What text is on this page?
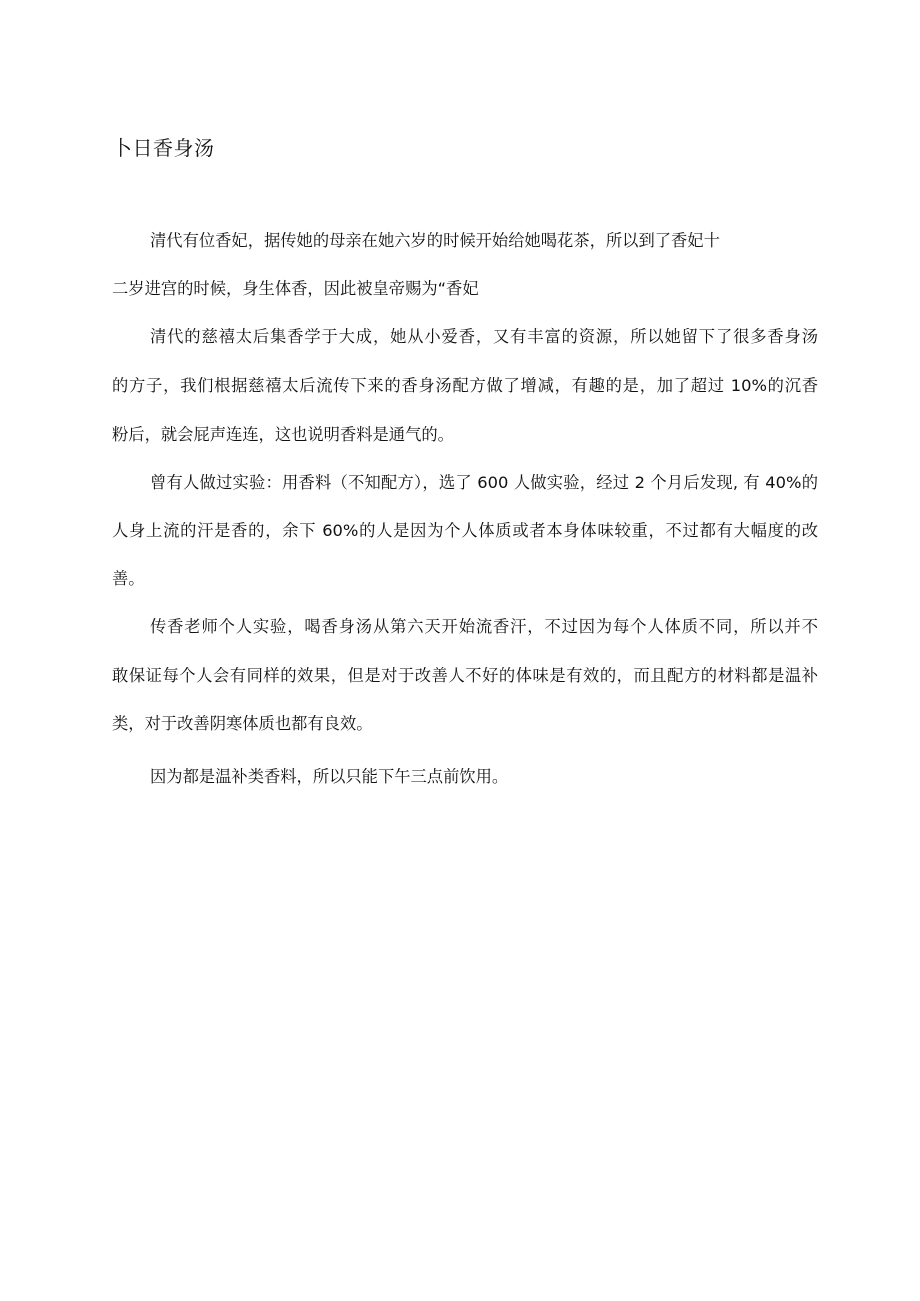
卜日香身汤
清代有位香妃，据传她的母亲在她六岁的时候开始给她喝花茶，所以到了香妃十
二岁进宫的时候，身生体香，因此被皇帝赐为“香妃
清代的慈禧太后集香学于大成，她从小爱香，又有丰富的资源，所以她留下了很多香身汤
的方子，我们根据慈禧太后流传下来的香身汤配方做了增减，有趣的是，加了超过 10%的沉香
粉后，就会屁声连连，这也说明香料是通气的。
曾有人做过实验：用香料（不知配方），选了 600 人做实验，经过 2 个月后发现, 有 40%的
人身上流的汗是香的，余下 60%的人是因为个人体质或者本身体味较重，不过都有大幅度的改
善。
传香老师个人实验，喝香身汤从第六天开始流香汗，不过因为每个人体质不同，所以并不
敢保证每个人会有同样的效果，但是对于改善人不好的体味是有效的，而且配方的材料都是温补
类，对于改善阴寒体质也都有良效。
因为都是温补类香料，所以只能下午三点前饮用。
